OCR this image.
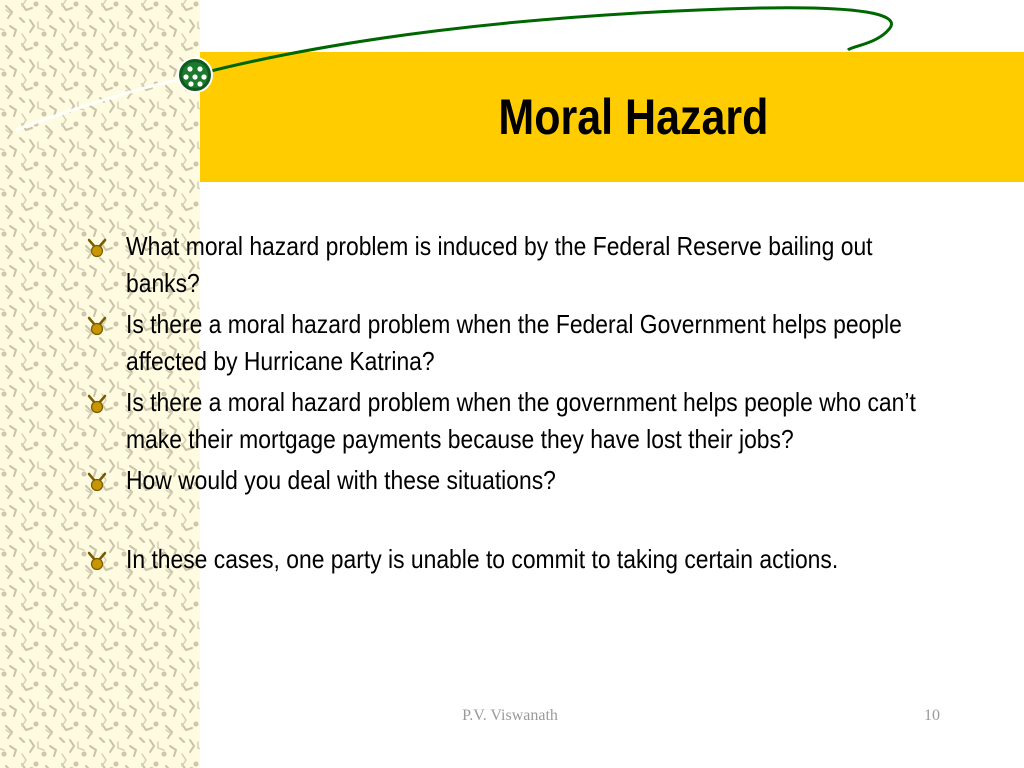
Moral Hazard
What moral hazard problem is induced by the Federal Reserve bailing out banks?
Is there a moral hazard problem when the Federal Government helps people affected by Hurricane Katrina?
Is there a moral hazard problem when the government helps people who can’t make their mortgage payments because they have lost their jobs?
How would you deal with these situations?
In these cases, one party is unable to commit to taking certain actions.
P.V. Viswanath	10
